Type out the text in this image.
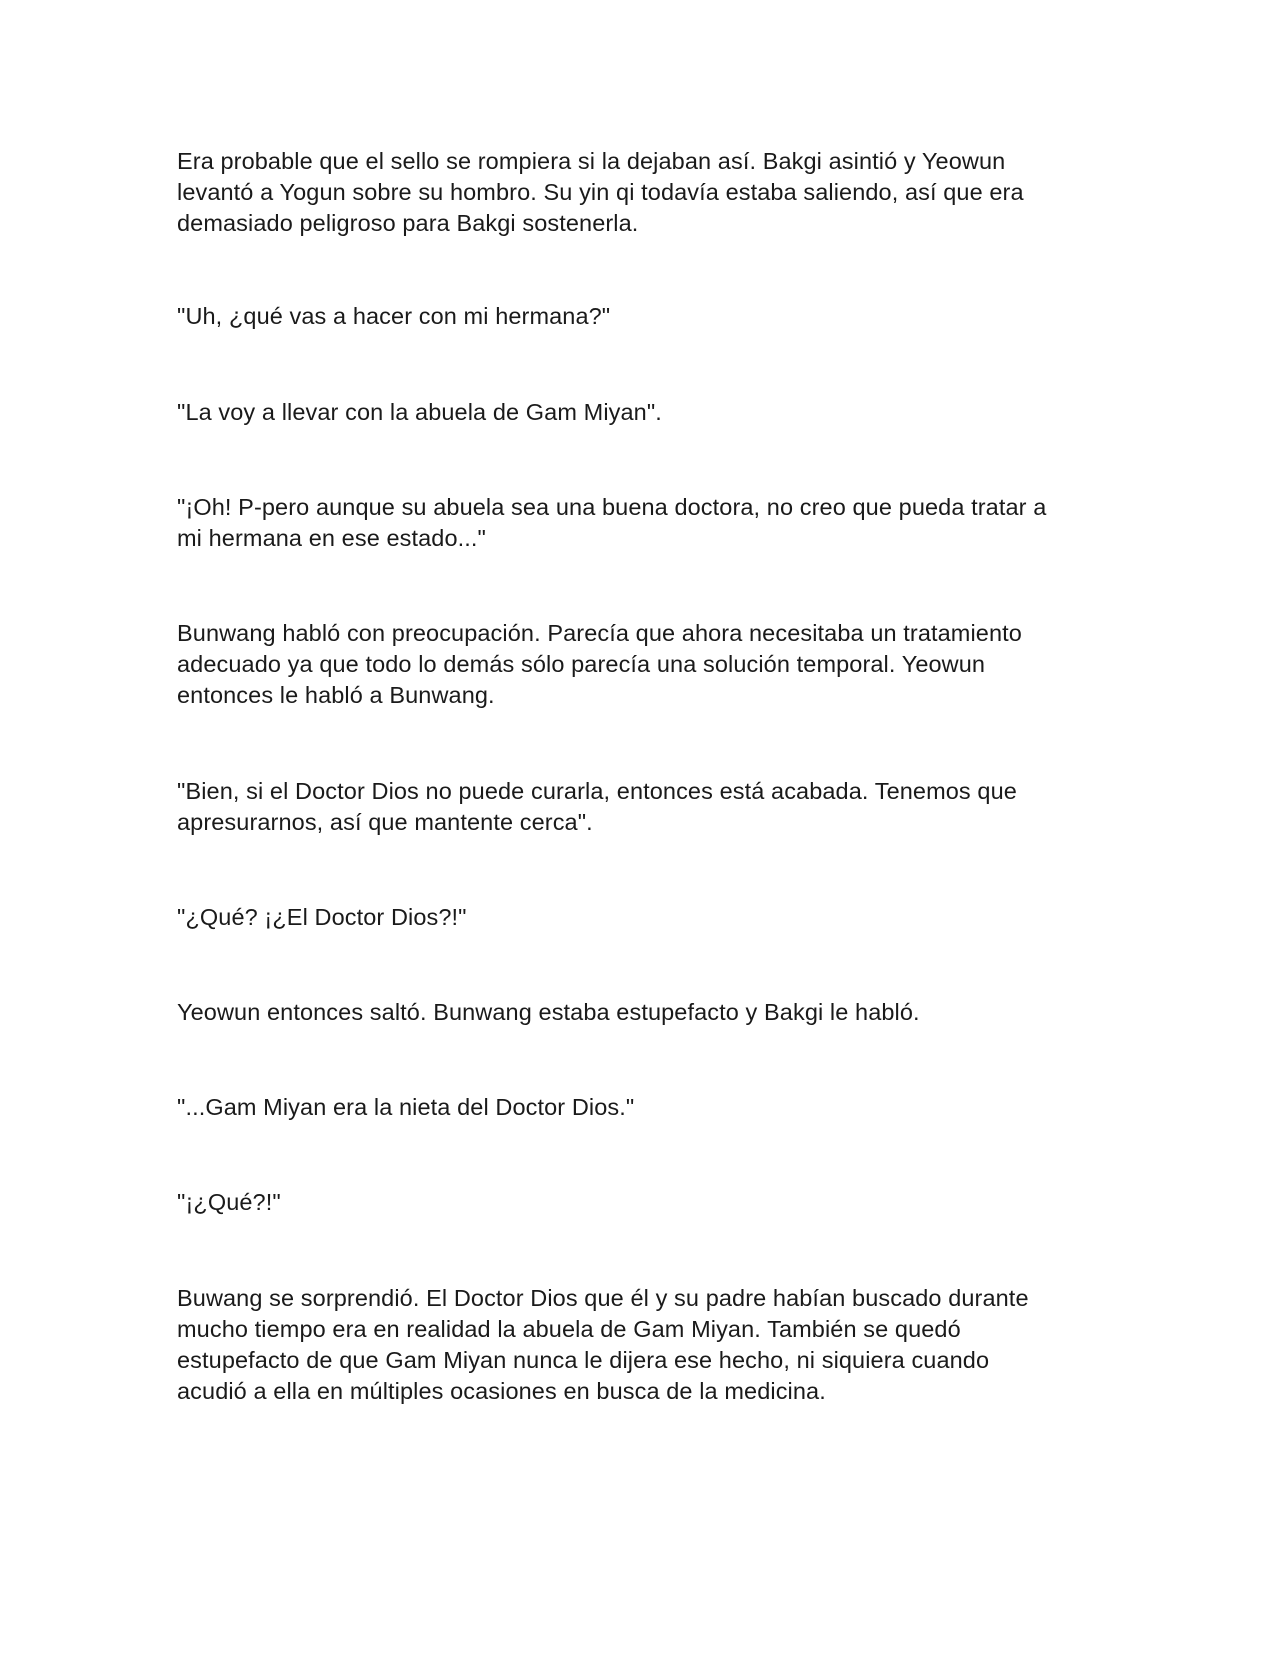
Era probable que el sello se rompiera si la dejaban así. Bakgi asintió y Yeowun
levantó a Yogun sobre su hombro. Su yin qi todavía estaba saliendo, así que era
demasiado peligroso para Bakgi sostenerla.

"Uh, ¿qué vas a hacer con mi hermana?"

"La voy a llevar con la abuela de Gam Miyan".

"¡Oh! P-pero aunque su abuela sea una buena doctora, no creo que pueda tratar a
mi hermana en ese estado..."

Bunwang habló con preocupación. Parecía que ahora necesitaba un tratamiento
adecuado ya que todo lo demás sólo parecía una solución temporal. Yeowun
entonces le habló a Bunwang.

"Bien, si el Doctor Dios no puede curarla, entonces está acabada. Tenemos que
apresurarnos, así que mantente cerca".

"¿Qué? ¡¿El Doctor Dios?!"

Yeowun entonces saltó. Bunwang estaba estupefacto y Bakgi le habló.

"...Gam Miyan era la nieta del Doctor Dios."

"¡¿Qué?!"

Buwang se sorprendió. El Doctor Dios que él y su padre habían buscado durante
mucho tiempo era en realidad la abuela de Gam Miyan. También se quedó
estupefacto de que Gam Miyan nunca le dijera ese hecho, ni siquiera cuando
acudió a ella en múltiples ocasiones en busca de la medicina.
